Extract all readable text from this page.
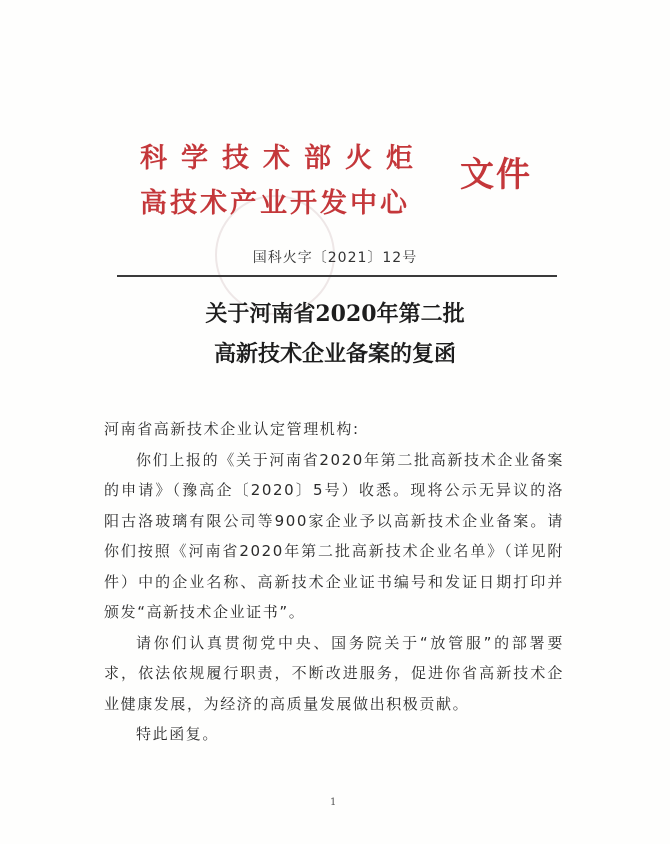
科学技术部火炬
高技术产业开发中心
文件
国科火字〔2021〕12号
关于河南省2020年第二批
高新技术企业备案的复函

河南省高新技术企业认定管理机构:

你们上报的《关于河南省2020年第二批高新技术企业备案的申请》（豫高企〔2020〕5号）收悉。现将公示无异议的洛阳古洛玻璃有限公司等900家企业予以高新技术企业备案。请你们按照《河南省2020年第二批高新技术企业名单》（详见附件）中的企业名称、高新技术企业证书编号和发证日期打印并颁发“高新技术企业证书”。

请你们认真贯彻党中央、国务院关于“放管服”的部署要求，依法依规履行职责，不断改进服务，促进你省高新技术企业健康发展，为经济的高质量发展做出积极贡献。

特此函复。

1
